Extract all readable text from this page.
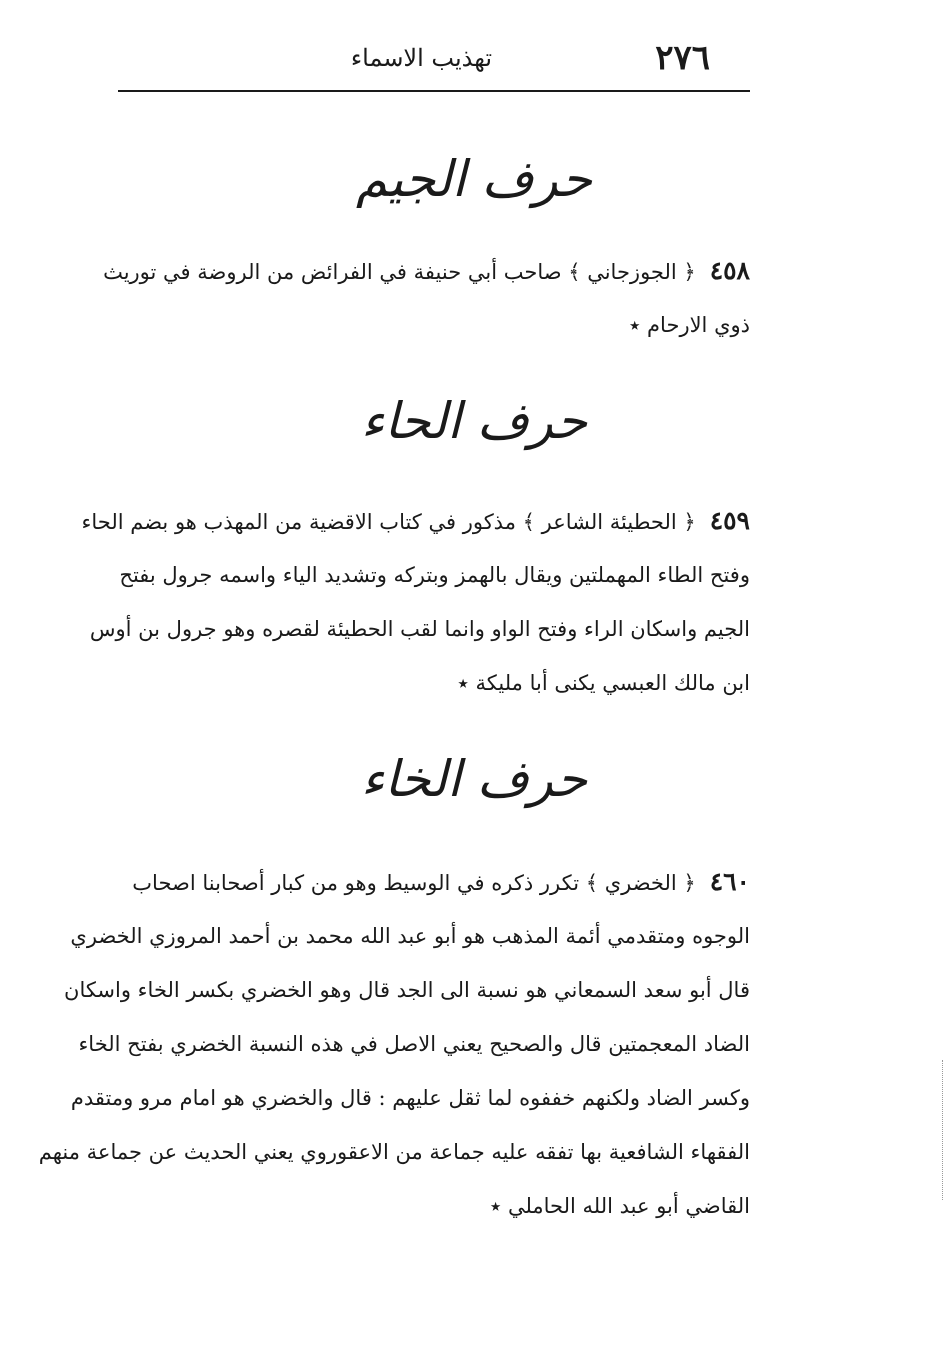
٢٧٦
تهذيب الاسماء
حرف الجيم
٤٥٨﴿ الجوزجاني ﴾ صاحب أبي حنيفة في الفرائض من الروضة في توريث
ذوي الارحام ٭
حرف الحاء
٤٥٩﴿ الحطيئة الشاعر ﴾ مذكور في كتاب الاقضية من المهذب هو بضم الحاء
وفتح الطاء المهملتين ويقال بالهمز وبتركه وتشديد الياء واسمه جرول بفتح
الجيم واسكان الراء وفتح الواو وانما لقب الحطيئة لقصره وهو جرول بن أوس
ابن مالك العبسي يكنى أبا مليكة ٭
حرف الخاء
٤٦٠﴿ الخضري ﴾ تكرر ذكره في الوسيط وهو من كبار أصحابنا اصحاب
الوجوه ومتقدمي أئمة المذهب هو أبو عبد الله محمد بن أحمد المروزي الخضري
قال أبو سعد السمعاني هو نسبة الى الجد قال وهو الخضري بكسر الخاء واسكان
الضاد المعجمتين قال والصحيح يعني الاصل في هذه النسبة الخضري بفتح الخاء
وكسر الضاد ولكنهم خففوه لما ثقل عليهم : قال والخضري هو امام مرو ومتقدم
الفقهاء الشافعية بها تفقه عليه جماعة من الاعقوروي يعني الحديث عن جماعة منهم
القاضي أبو عبد الله الحاملي ٭
